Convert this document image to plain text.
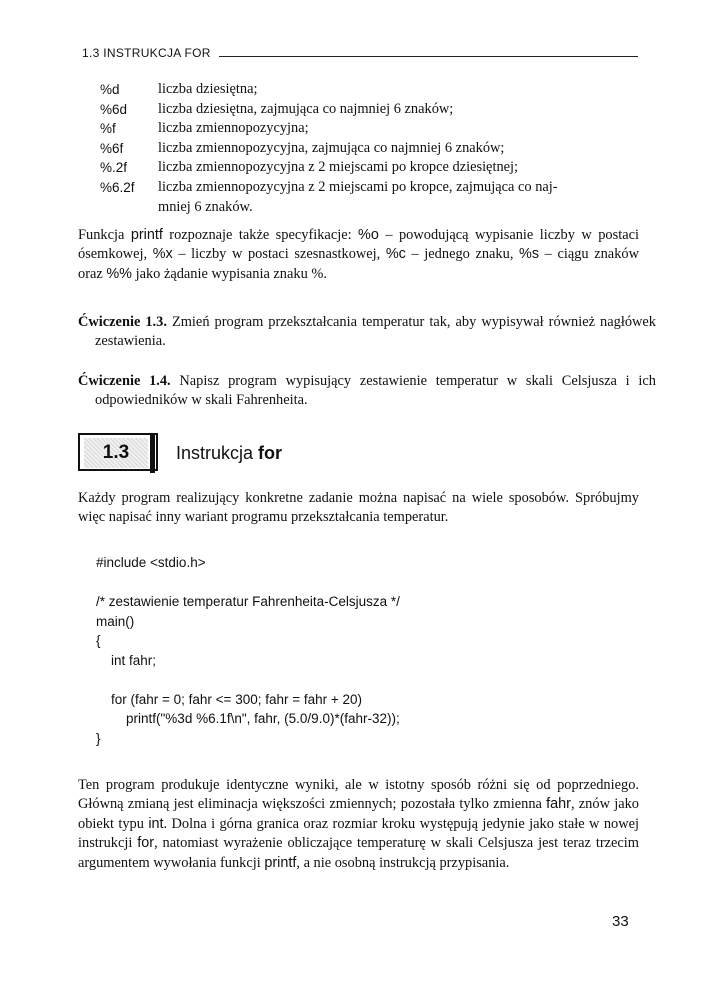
1.3 INSTRUKCJA FOR
%d	liczba dziesiętna;
%6d	liczba dziesiętna, zajmująca co najmniej 6 znaków;
%f	liczba zmiennopozycyjna;
%6f	liczba zmiennopozycyjna, zajmująca co najmniej 6 znaków;
%.2f	liczba zmiennopozycyjna z 2 miejscami po kropce dziesiętnej;
%6.2f	liczba zmiennopozycyjna z 2 miejscami po kropce, zajmująca co naj-
mniej 6 znaków.

Funkcja printf rozpoznaje także specyfikacje: %o – powodującą wypisanie liczby w postaci ósemkowej, %x – liczby w postaci szesnastkowej, %c – jednego znaku, %s – ciągu znaków oraz %% jako żądanie wypisania znaku %.

Ćwiczenie 1.3. Zmień program przekształcania temperatur tak, aby wypisywał również nagłówek zestawienia.

Ćwiczenie 1.4. Napisz program wypisujący zestawienie temperatur w skali Celsjusza i ich odpowiedników w skali Fahrenheita.

1.3	Instrukcja for

Każdy program realizujący konkretne zadanie można napisać na wiele sposobów. Spróbujmy więc napisać inny wariant programu przekształcania temperatur.

#include <stdio.h>
/* zestawienie temperatur Fahrenheita-Celsjusza */
main()
{
int fahr;
for (fahr = 0; fahr <= 300; fahr = fahr + 20)
printf("%3d %6.1f\n", fahr, (5.0/9.0)*(fahr-32));
}

Ten program produkuje identyczne wyniki, ale w istotny sposób różni się od poprzedniego. Główną zmianą jest eliminacja większości zmiennych; pozostała tylko zmienna fahr, znów jako obiekt typu int. Dolna i górna granica oraz rozmiar kroku występują jedynie jako stałe w nowej instrukcji for, natomiast wyrażenie obliczające temperaturę w skali Celsjusza jest teraz trzecim argumentem wywołania funkcji printf, a nie osobną instrukcją przypisania.

33
